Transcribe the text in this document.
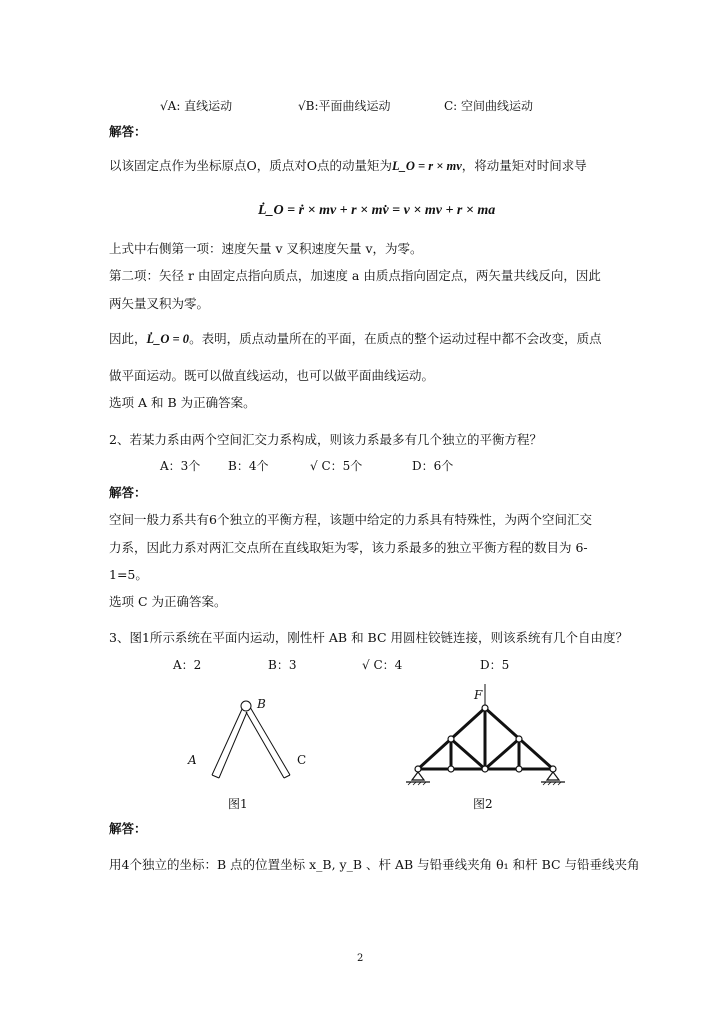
√A: 直线运动	√B:平面曲线运动	C: 空间曲线运动
解答：
以该固定点作为坐标原点O，质点对O点的动量矩为L_O = r × mv，将动量矩对时间求导
L̇_O = ṙ × mv + r × mv̇ = v × mv + r × ma
上式中右侧第一项：速度矢量 v 叉积速度矢量 v，为零。
第二项：矢径 r 由固定点指向质点，加速度 a 由质点指向固定点，两矢量共线反向，因此
两矢量叉积为零。
因此，L̇_O = 0。表明，质点动量所在的平面，在质点的整个运动过程中都不会改变，质点
做平面运动。既可以做直线运动，也可以做平面曲线运动。
选项 A 和 B 为正确答案。
2、若某力系由两个空间汇交力系构成，则该力系最多有几个独立的平衡方程？
A：3个 B：4个	√ C：5个	D：6个
解答：
空间一般力系共有6个独立的平衡方程，该题中给定的力系具有特殊性，为两个空间汇交
力系，因此力系对两汇交点所在直线取矩为零，该力系最多的独立平衡方程的数目为 6-
1=5。
选项 C 为正确答案。
3、图1所示系统在平面内运动，刚性杆 AB 和 BC 用圆柱铰链连接，则该系统有几个自由度？
A：2	B：3	√ C：4	D：5
A
B
C
图1
F
图2
解答：
用4个独立的坐标：B 点的位置坐标 x_B, y_B 、杆 AB 与铅垂线夹角 θ₁ 和杆 BC 与铅垂线夹角
2
